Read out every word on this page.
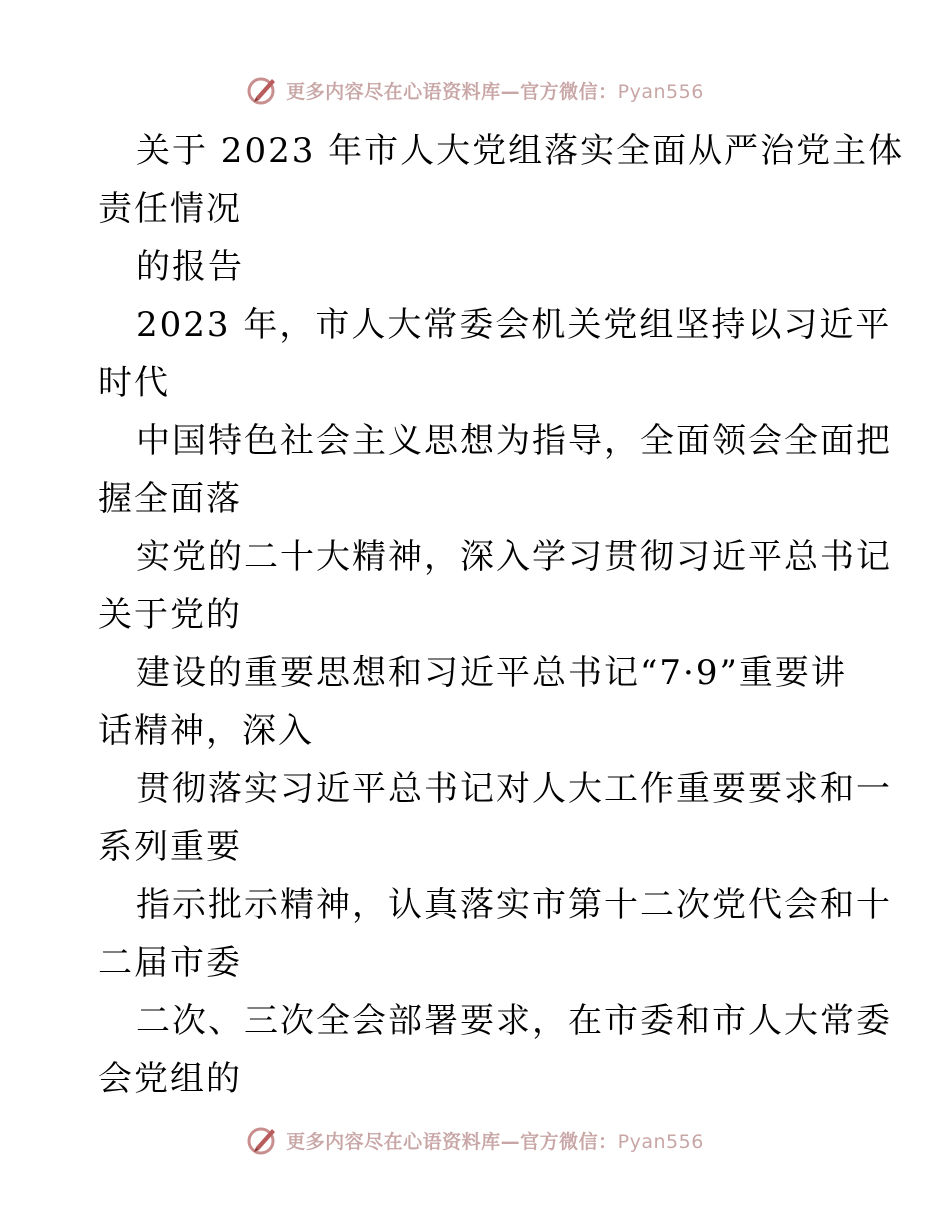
更多内容尽在心语资料库—官方微信：Pyan556
关于 2023 年市人大党组落实全面从严治党主体
责任情况
的报告
2023 年，市人大常委会机关党组坚持以习近平
时代
中国特色社会主义思想为指导，全面领会全面把
握全面落
实党的二十大精神，深入学习贯彻习近平总书记
关于党的
建设的重要思想和习近平总书记“7·9”重要讲
话精神，深入
贯彻落实习近平总书记对人大工作重要要求和一
系列重要
指示批示精神，认真落实市第十二次党代会和十
二届市委
二次、三次全会部署要求，在市委和市人大常委
会党组的
更多内容尽在心语资料库—官方微信：Pyan556
